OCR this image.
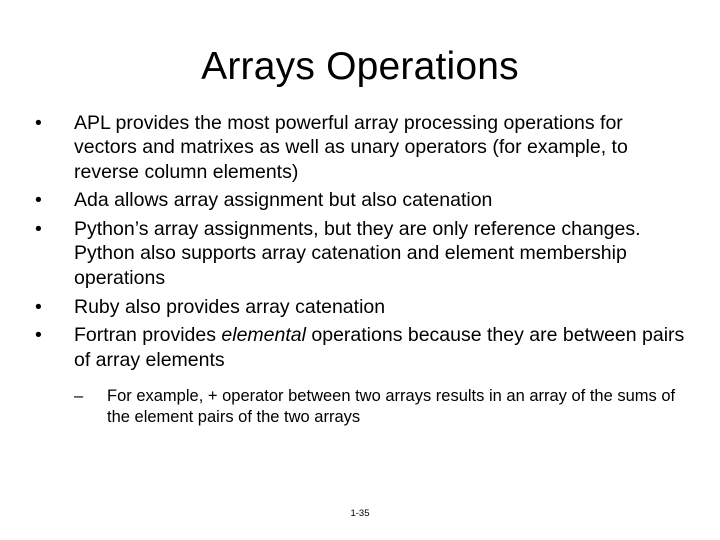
Arrays Operations
•	APL provides the most powerful array processing operations for vectors and matrixes as well as unary operators (for example, to reverse column elements)
•	Ada allows array assignment but also catenation
•	Python’s array assignments, but they are only reference changes. Python also supports array catenation and element membership operations
•	Ruby also provides array catenation
•	Fortran provides elemental operations because they are between pairs of array elements
–	For example, + operator between two arrays results in an array of the sums of the element pairs of the two arrays
1-35
